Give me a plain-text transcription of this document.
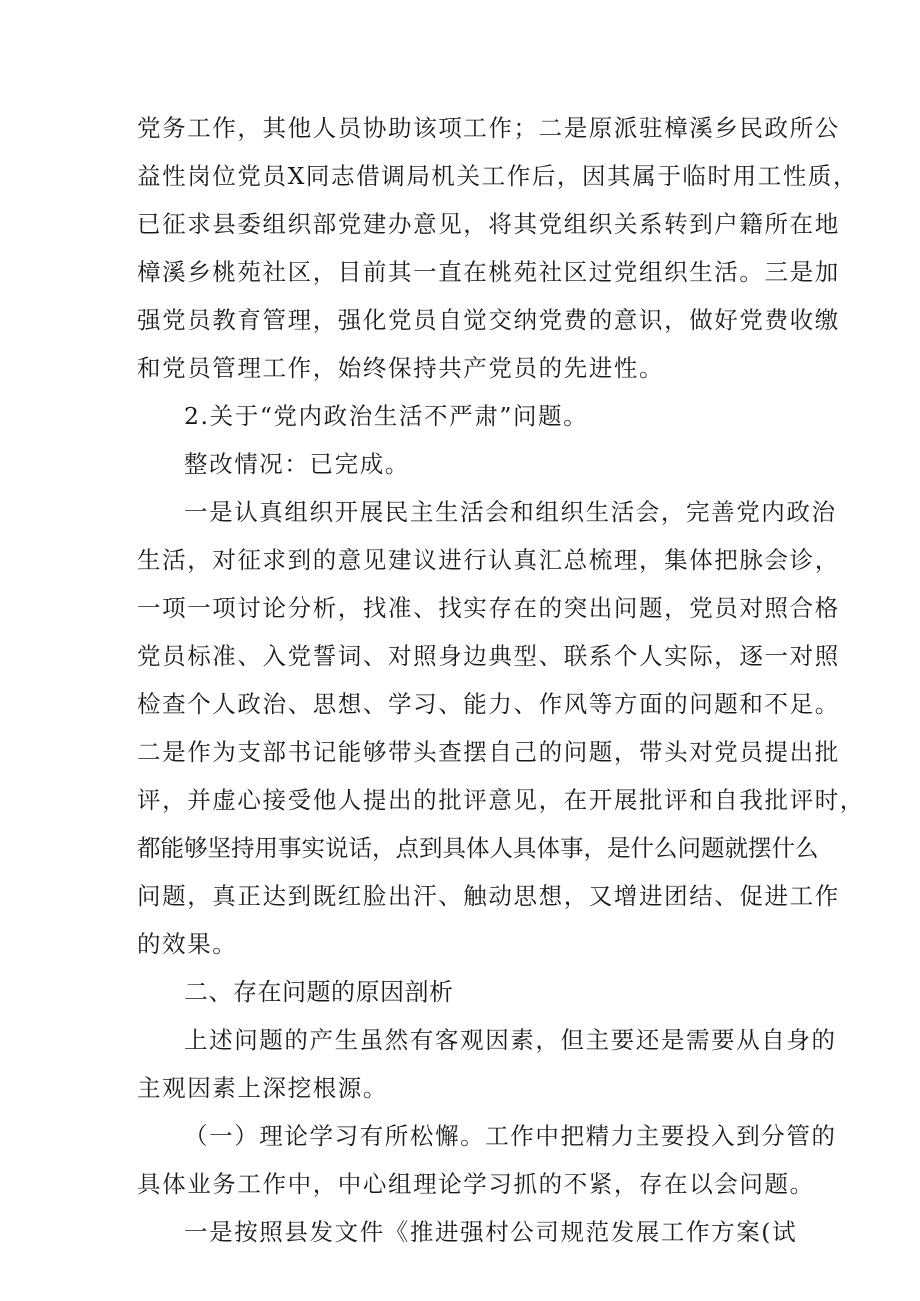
党务工作，其他人员协助该项工作；二是原派驻樟溪乡民政所公
益性岗位党员X同志借调局机关工作后，因其属于临时用工性质，
已征求县委组织部党建办意见，将其党组织关系转到户籍所在地
樟溪乡桃苑社区，目前其一直在桃苑社区过党组织生活。三是加
强党员教育管理，强化党员自觉交纳党费的意识，做好党费收缴
和党员管理工作，始终保持共产党员的先进性。
2.关于“党内政治生活不严肃”问题。
整改情况：已完成。
一是认真组织开展民主生活会和组织生活会，完善党内政治
生活，对征求到的意见建议进行认真汇总梳理，集体把脉会诊，
一项一项讨论分析，找准、找实存在的突出问题，党员对照合格
党员标准、入党誓词、对照身边典型、联系个人实际，逐一对照
检查个人政治、思想、学习、能力、作风等方面的问题和不足。
二是作为支部书记能够带头查摆自己的问题，带头对党员提出批
评，并虚心接受他人提出的批评意见，在开展批评和自我批评时，
都能够坚持用事实说话，点到具体人具体事，是什么问题就摆什么
问题，真正达到既红脸出汗、触动思想，又增进团结、促进工作
的效果。
二、存在问题的原因剖析
上述问题的产生虽然有客观因素，但主要还是需要从自身的
主观因素上深挖根源。
（一）理论学习有所松懈。工作中把精力主要投入到分管的
具体业务工作中，中心组理论学习抓的不紧，存在以会问题。
一是按照县发文件《推进强村公司规范发展工作方案(试
